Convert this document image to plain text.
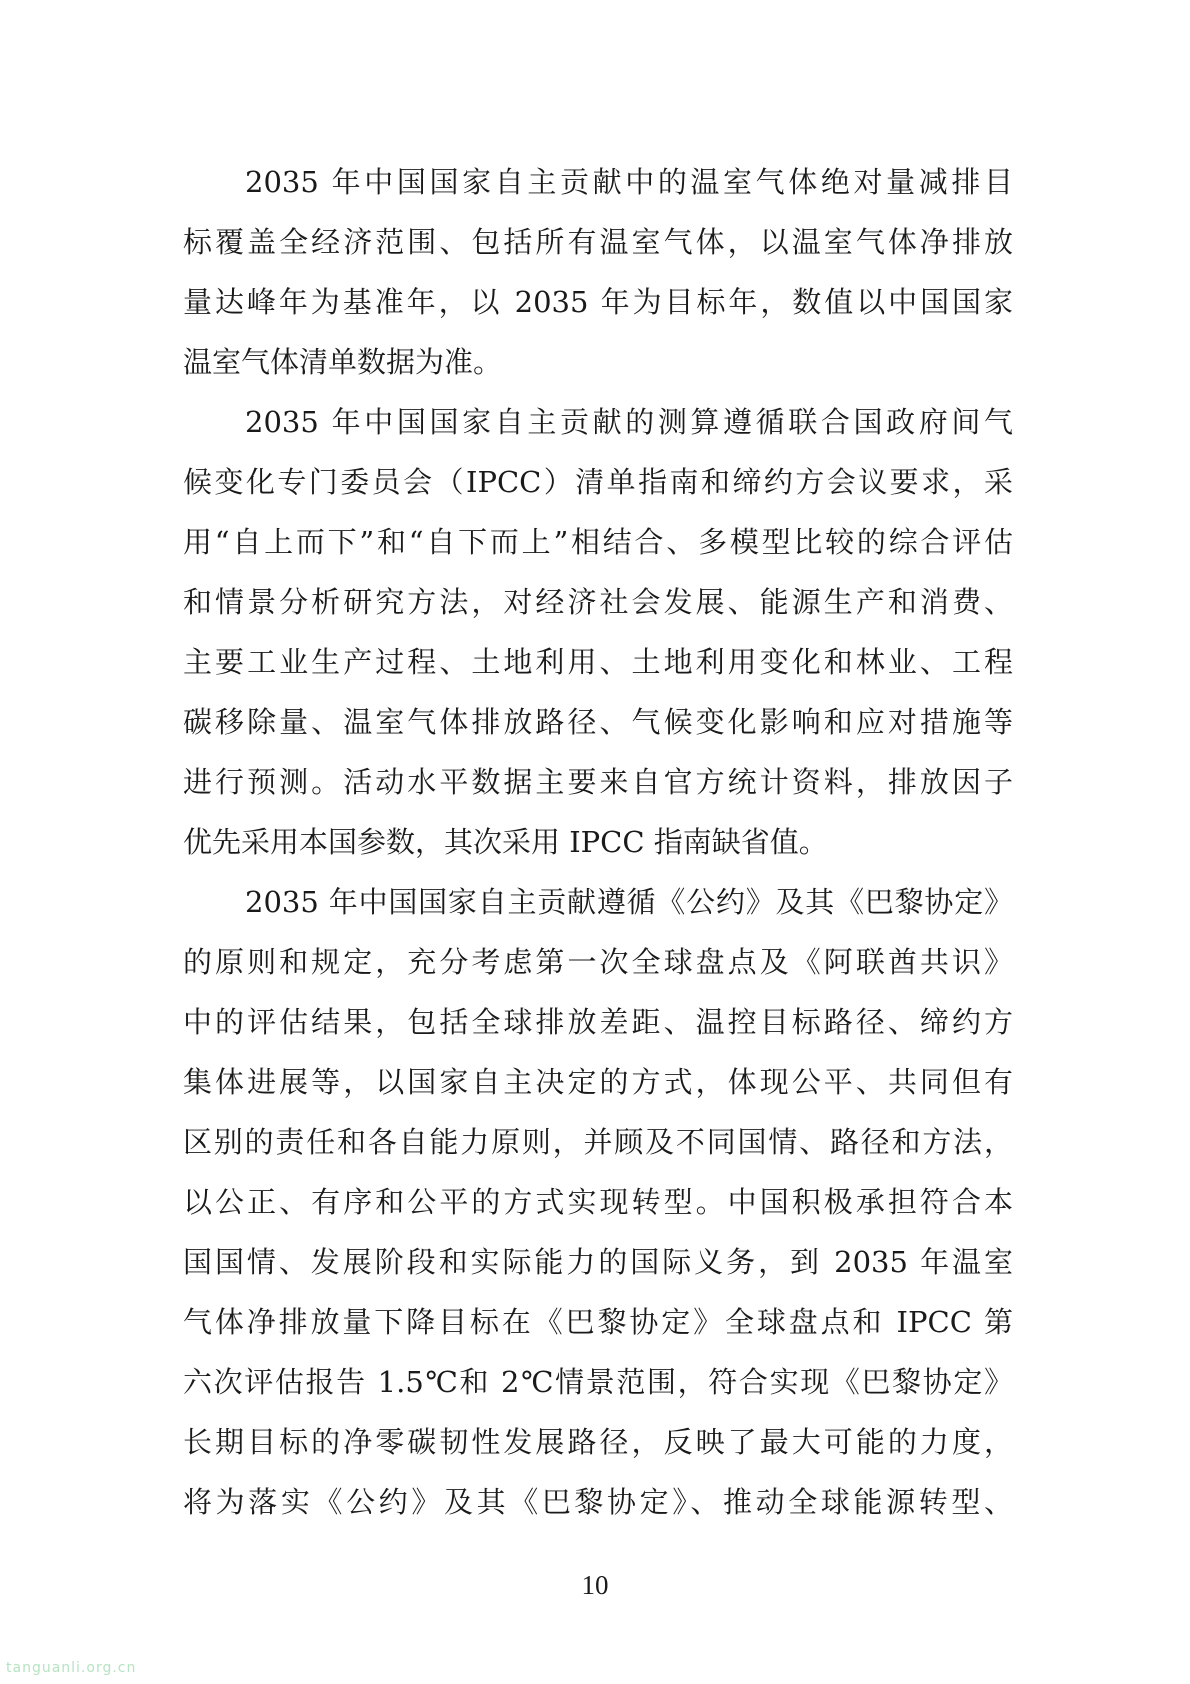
2035 年中国国家自主贡献中的温室气体绝对量减排目
标覆盖全经济范围、包括所有温室气体，以温室气体净排放
量达峰年为基准年，以 2035 年为目标年，数值以中国国家
温室气体清单数据为准。
2035 年中国国家自主贡献的测算遵循联合国政府间气
候变化专门委员会（IPCC）清单指南和缔约方会议要求，采
用“自上而下”和“自下而上”相结合、多模型比较的综合评估
和情景分析研究方法，对经济社会发展、能源生产和消费、
主要工业生产过程、土地利用、土地利用变化和林业、工程
碳移除量、温室气体排放路径、气候变化影响和应对措施等
进行预测。活动水平数据主要来自官方统计资料，排放因子
优先采用本国参数，其次采用 IPCC 指南缺省值。
2035 年中国国家自主贡献遵循《公约》及其《巴黎协定》
的原则和规定，充分考虑第一次全球盘点及《阿联酋共识》
中的评估结果，包括全球排放差距、温控目标路径、缔约方
集体进展等，以国家自主决定的方式，体现公平、共同但有
区别的责任和各自能力原则，并顾及不同国情、路径和方法，
以公正、有序和公平的方式实现转型。中国积极承担符合本
国国情、发展阶段和实际能力的国际义务，到 2035 年温室
气体净排放量下降目标在《巴黎协定》全球盘点和 IPCC 第
六次评估报告 1.5℃和 2℃情景范围，符合实现《巴黎协定》
长期目标的净零碳韧性发展路径，反映了最大可能的力度，
将为落实《公约》及其《巴黎协定》、推动全球能源转型、
10
tanguanli.org.cn
